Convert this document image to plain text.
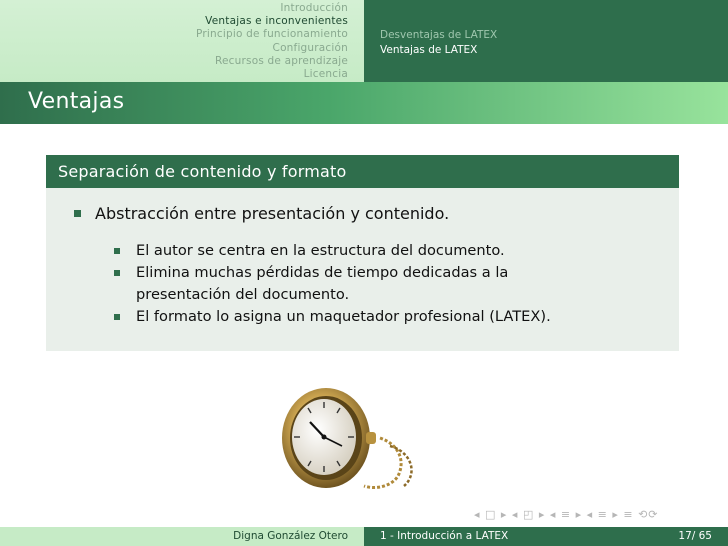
Introducción
Ventajas e inconvenientes
Principio de funcionamiento
Configuración
Recursos de aprendizaje
Licencia
Desventajas de LATEX
Ventajas de LATEX
Ventajas
Separación de contenido y formato
Abstracción entre presentación y contenido.
El autor se centra en la estructura del documento.
Elimina muchas pérdidas de tiempo dedicadas a la presentación del documento.
El formato lo asigna un maquetador profesional (LATEX).
◂ □ ▸ ◂ ◰ ▸ ◂ ≡ ▸ ◂ ≡ ▸ ≡ ⟲⟳
Digna González Otero	1 - Introducción a LATEX	17/ 65
